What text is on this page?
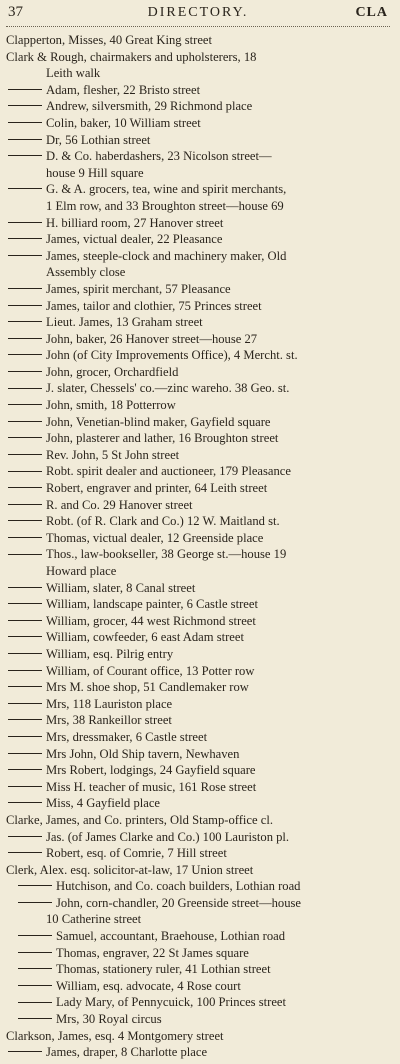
37	DIRECTORY.	CLA
Clapperton, Misses, 40 Great King street
Clark & Rough, chairmakers and upholsterers, 18
Leith walk
Adam, flesher, 22 Bristo street
Andrew, silversmith, 29 Richmond place
Colin, baker, 10 William street
Dr, 56 Lothian street
D. & Co. haberdashers, 23 Nicolson street—
house 9 Hill square
G. & A. grocers, tea, wine and spirit merchants,
1 Elm row, and 33 Broughton street—house 69
H. billiard room, 27 Hanover street
James, victual dealer, 22 Pleasance
James, steeple-clock and machinery maker, Old
Assembly close
James, spirit merchant, 57 Pleasance
James, tailor and clothier, 75 Princes street
Lieut. James, 13 Graham street
John, baker, 26 Hanover street—house 27
John (of City Improvements Office), 4 Mercht. st.
John, grocer, Orchardfield
J. slater, Chessels' co.—zinc wareho. 38 Geo. st.
John, smith, 18 Potterrow
John, Venetian-blind maker, Gayfield square
John, plasterer and lather, 16 Broughton street
Rev. John, 5 St John street
Robt. spirit dealer and auctioneer, 179 Pleasance
Robert, engraver and printer, 64 Leith street
R. and Co. 29 Hanover street
Robt. (of R. Clark and Co.) 12 W. Maitland st.
Thomas, victual dealer, 12 Greenside place
Thos., law-bookseller, 38 George st.—house 19
Howard place
William, slater, 8 Canal street
William, landscape painter, 6 Castle street
William, grocer, 44 west Richmond street
William, cowfeeder, 6 east Adam street
William, esq. Pilrig entry
William, of Courant office, 13 Potter row
Mrs M. shoe shop, 51 Candlemaker row
Mrs, 118 Lauriston place
Mrs, 38 Rankeillor street
Mrs, dressmaker, 6 Castle street
Mrs John, Old Ship tavern, Newhaven
Mrs Robert, lodgings, 24 Gayfield square
Miss H. teacher of music, 161 Rose street
Miss, 4 Gayfield place
Clarke, James, and Co. printers, Old Stamp-office cl.
Jas. (of James Clarke and Co.) 100 Lauriston pl.
Robert, esq. of Comrie, 7 Hill street
Clerk, Alex. esq. solicitor-at-law, 17 Union street
Hutchison, and Co. coach builders, Lothian road
John, corn-chandler, 20 Greenside street—house
10 Catherine street
Samuel, accountant, Braehouse, Lothian road
Thomas, engraver, 22 St James square
Thomas, stationery ruler, 41 Lothian street
William, esq. advocate, 4 Rose court
Lady Mary, of Pennycuick, 100 Princes street
Mrs, 30 Royal circus
Clarkson, James, esq. 4 Montgomery street
James, draper, 8 Charlotte place
